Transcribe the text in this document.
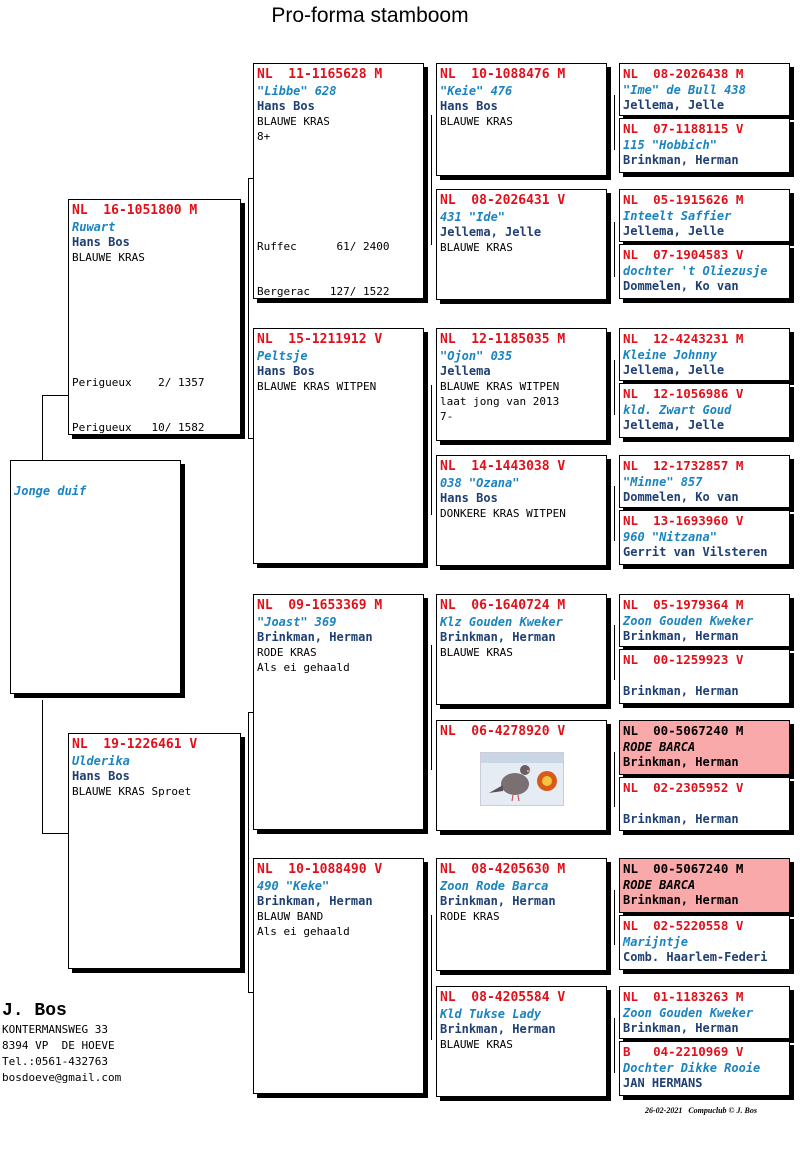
Pro-forma stamboom
Jonge duif
NL  16-1051800 M
Ruwart
Hans Bos
BLAUWE KRAS

Perigueux    2/ 1357

Perigueux   10/ 1582

NL  19-1226461 V
Ulderika
Hans Bos
BLAUWE KRAS Sproet
NL  11-1165628 M
"Libbe" 628
Hans Bos
BLAUWE KRAS
8+

Ruffec      61/ 2400

Bergerac   127/ 1522

NL  15-1211912 V
Peltsje
Hans Bos
BLAUWE KRAS WITPEN
NL  09-1653369 M
"Joast" 369
Brinkman, Herman
RODE KRAS
Als ei gehaald
NL  10-1088490 V
490 "Keke"
Brinkman, Herman
BLAUW BAND
Als ei gehaald
NL  10-1088476 M
"Keie" 476
Hans Bos
BLAUWE KRAS
NL  08-2026431 V
431 "Ide"
Jellema, Jelle
BLAUWE KRAS
NL  12-1185035 M
"Ojon" 035
Jellema
BLAUWE KRAS WITPEN
laat jong van 2013
7-
NL  14-1443038 V
038 "Ozana"
Hans Bos
DONKERE KRAS WITPEN
NL  06-1640724 M
Klz Gouden Kweker
Brinkman, Herman
BLAUWE KRAS
NL  06-4278920 V
NL  08-4205630 M
Zoon Rode Barca
Brinkman, Herman
RODE KRAS
NL  08-4205584 V
Kld Tukse Lady
Brinkman, Herman
BLAUWE KRAS
NL  08-2026438 M
"Ime" de Bull 438
Jellema, Jelle
NL  07-1188115 V
115 "Hobbich"
Brinkman, Herman
NL  05-1915626 M
Inteelt Saffier
Jellema, Jelle
NL  07-1904583 V
dochter 't Oliezusje
Dommelen, Ko van
NL  12-4243231 M
Kleine Johnny
Jellema, Jelle
NL  12-1056986 V
kld. Zwart Goud
Jellema, Jelle
NL  12-1732857 M
"Minne" 857
Dommelen, Ko van
NL  13-1693960 V
960 "Nitzana"
Gerrit van Vilsteren
NL  05-1979364 M
Zoon Gouden Kweker
Brinkman, Herman
NL  00-1259923 V
Brinkman, Herman
NL  00-5067240 M
RODE BARCA
Brinkman, Herman
NL  02-2305952 V
Brinkman, Herman
NL  00-5067240 M
RODE BARCA
Brinkman, Herman
NL  02-5220558 V
Marijntje
Comb. Haarlem-Federi
NL  01-1183263 M
Zoon Gouden Kweker
Brinkman, Herman
B   04-2210969 V
Dochter Dikke Rooie
JAN HERMANS
J. Bos
KONTERMANSWEG 33
8394 VP  DE HOEVE
Tel.:0561-432763
bosdoeve@gmail.com
26-02-2021   Compuclub © J. Bos
